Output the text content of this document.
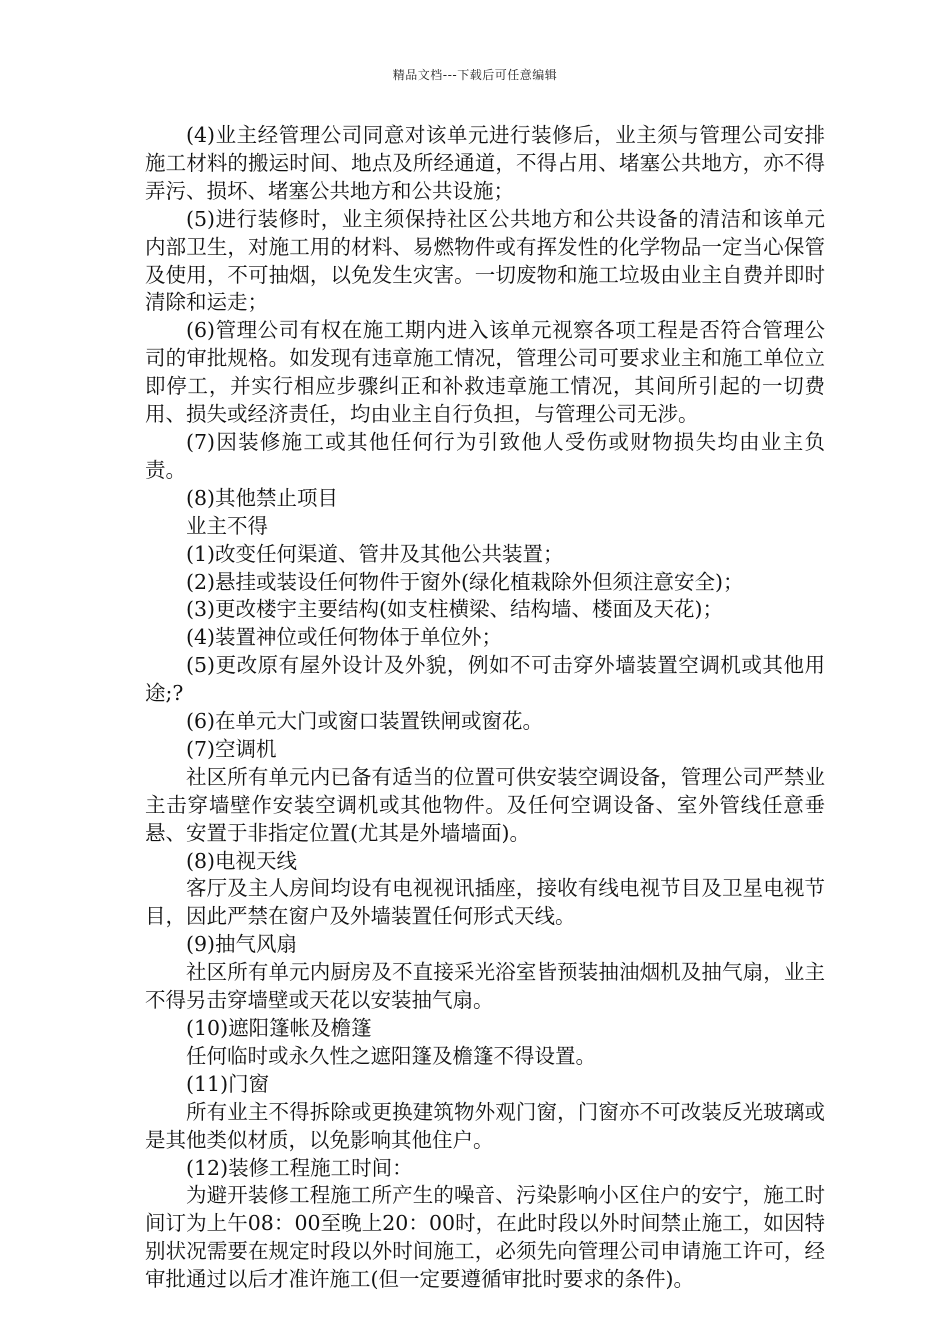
精品文档---下载后可任意编辑

(4)业主经管理公司同意对该单元进行装修后，业主须与管理公司安排施工材料的搬运时间、地点及所经通道，不得占用、堵塞公共地方，亦不得弄污、损坏、堵塞公共地方和公共设施；

(5)进行装修时，业主须保持社区公共地方和公共设备的清洁和该单元内部卫生，对施工用的材料、易燃物件或有挥发性的化学物品一定当心保管及使用，不可抽烟，以免发生灾害。一切废物和施工垃圾由业主自费并即时清除和运走；

(6)管理公司有权在施工期内进入该单元视察各项工程是否符合管理公司的审批规格。如发现有违章施工情况，管理公司可要求业主和施工单位立即停工，并实行相应步骤纠正和补救违章施工情况，其间所引起的一切费用、损失或经济责任，均由业主自行负担，与管理公司无涉。

(7)因装修施工或其他任何行为引致他人受伤或财物损失均由业主负责。

(8)其他禁止项目

业主不得

(1)改变任何渠道、管井及其他公共装置；

(2)悬挂或装设任何物件于窗外(绿化植栽除外但须注意安全)；

(3)更改楼宇主要结构(如支柱横梁、结构墙、楼面及天花)；

(4)装置神位或任何物体于单位外；

(5)更改原有屋外设计及外貌，例如不可击穿外墙装置空调机或其他用途;?

(6)在单元大门或窗口装置铁闸或窗花。

(7)空调机

社区所有单元内已备有适当的位置可供安装空调设备，管理公司严禁业主击穿墙壁作安装空调机或其他物件。及任何空调设备、室外管线任意垂悬、安置于非指定位置(尤其是外墙墙面)。

(8)电视天线

客厅及主人房间均设有电视视讯插座，接收有线电视节目及卫星电视节目，因此严禁在窗户及外墙装置任何形式天线。

(9)抽气风扇

社区所有单元内厨房及不直接采光浴室皆预装抽油烟机及抽气扇，业主不得另击穿墙壁或天花以安装抽气扇。

(10)遮阳篷帐及檐篷

任何临时或永久性之遮阳篷及檐篷不得设置。

(11)门窗

所有业主不得拆除或更换建筑物外观门窗，门窗亦不可改装反光玻璃或是其他类似材质，以免影响其他住户。

(12)装修工程施工时间：

为避开装修工程施工所产生的噪音、污染影响小区住户的安宁，施工时间订为上午08：00至晚上20：00时，在此时段以外时间禁止施工，如因特别状况需要在规定时段以外时间施工，必须先向管理公司申请施工许可，经审批通过以后才准许施工(但一定要遵循审批时要求的条件)。
